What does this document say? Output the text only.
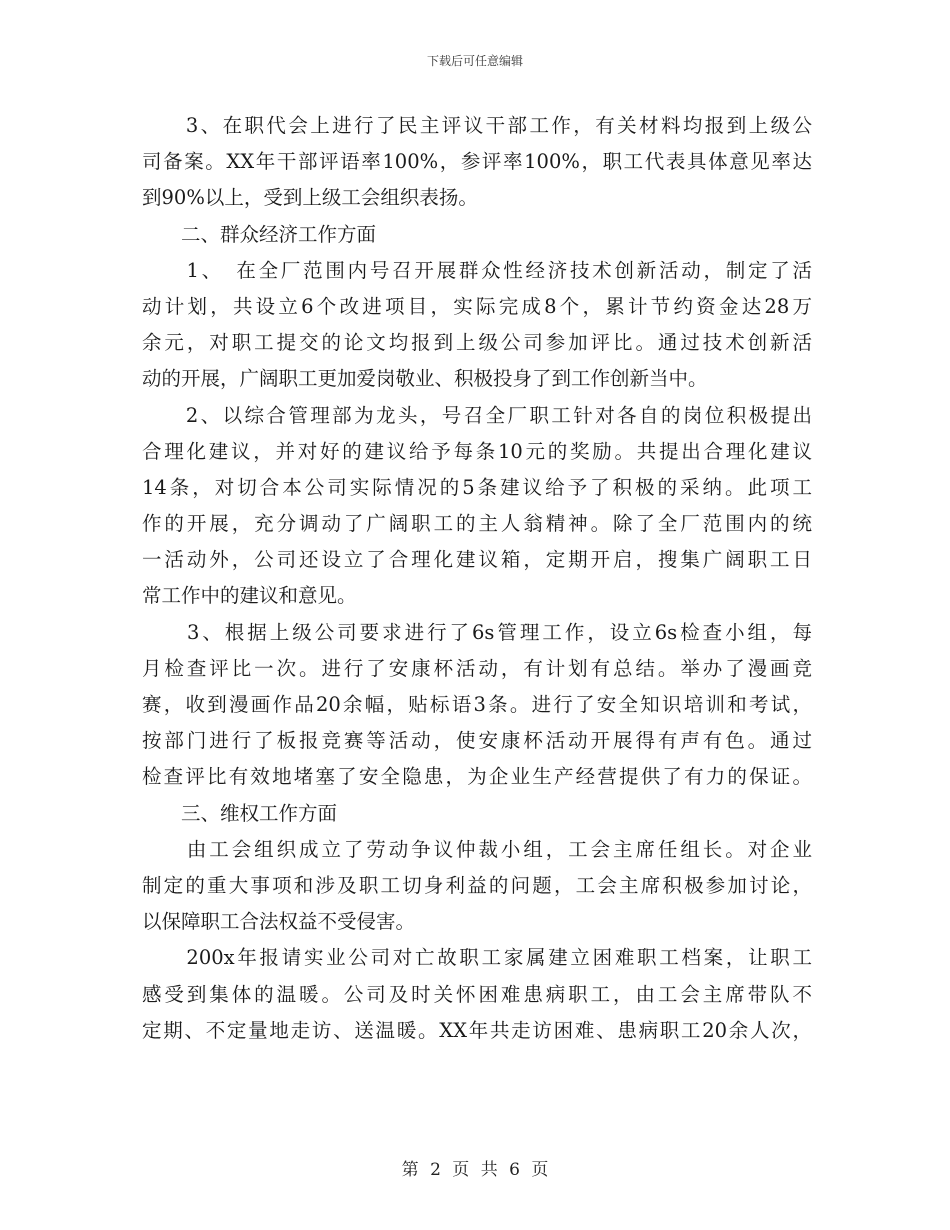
下载后可任意编辑
　　3、在职代会上进行了民主评议干部工作，有关材料均报到上级公
司备案。XX年干部评语率100%，参评率100%，职工代表具体意见率达
到90%以上，受到上级工会组织表扬。
　　二、群众经济工作方面
　　1、　在全厂范围内号召开展群众性经济技术创新活动，制定了活
动计划，共设立6个改进项目，实际完成8个，累计节约资金达28万
余元，对职工提交的论文均报到上级公司参加评比。通过技术创新活
动的开展，广阔职工更加爱岗敬业、积极投身了到工作创新当中。
　　2、以综合管理部为龙头，号召全厂职工针对各自的岗位积极提出
合理化建议，并对好的建议给予每条10元的奖励。共提出合理化建议
14条，对切合本公司实际情况的5条建议给予了积极的采纳。此项工
作的开展，充分调动了广阔职工的主人翁精神。除了全厂范围内的统
一活动外，公司还设立了合理化建议箱，定期开启，搜集广阔职工日
常工作中的建议和意见。
　　3、根据上级公司要求进行了6s管理工作，设立6s检查小组，每
月检查评比一次。进行了安康杯活动，有计划有总结。举办了漫画竞
赛，收到漫画作品20余幅，贴标语3条。进行了安全知识培训和考试，
按部门进行了板报竞赛等活动，使安康杯活动开展得有声有色。通过
检查评比有效地堵塞了安全隐患，为企业生产经营提供了有力的保证。
　　三、维权工作方面
　　由工会组织成立了劳动争议仲裁小组，工会主席任组长。对企业
制定的重大事项和涉及职工切身利益的问题，工会主席积极参加讨论，
以保障职工合法权益不受侵害。
　　200x年报请实业公司对亡故职工家属建立困难职工档案，让职工
感受到集体的温暖。公司及时关怀困难患病职工，由工会主席带队不
定期、不定量地走访、送温暖。XX年共走访困难、患病职工20余人次，
第 2 页 共 6 页
